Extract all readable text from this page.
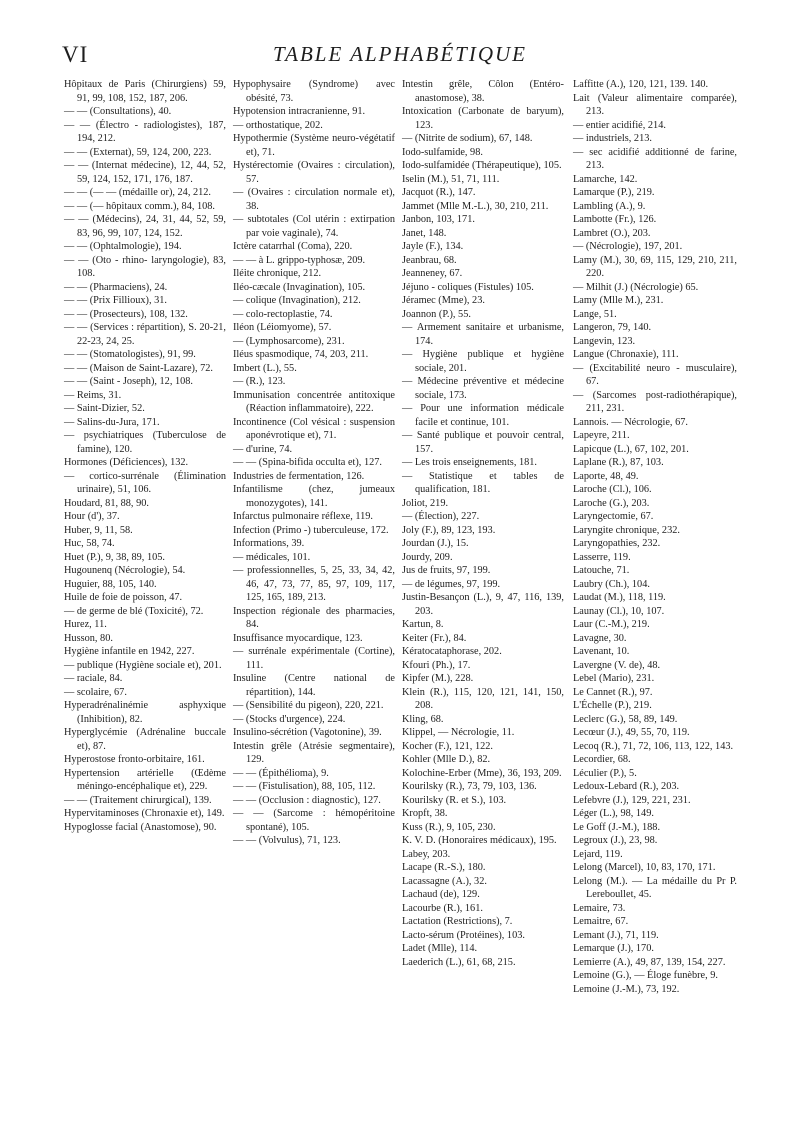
VI	TABLE ALPHABÉTIQUE

Hôpitaux de Paris (Chirurgiens) 59, 91, 99, 108, 152, 187, 206.

— — (Consultations), 40.

— — (Électro - radiologistes), 187, 194, 212.

— — (Externat), 59, 124, 200, 223.

— — (Internat médecine), 12, 44, 52, 59, 124, 152, 171, 176, 187.

— — (— — (médaille or), 24, 212.

— — (— hôpitaux comm.), 84, 108.

— — (Médecins), 24, 31, 44, 52, 59, 83, 96, 99, 107, 124, 152.

— — (Ophtalmologie), 194.

— — (Oto - rhino- laryngologie), 83, 108.

— — (Pharmaciens), 24.

— — (Prix Fillioux), 31.

— — (Prosecteurs), 108, 132.

— — (Services : répartition), S. 20-21, 22-23, 24, 25.

— — (Stomatologistes), 91, 99.

— — (Maison de Saint-Lazare), 72.

— — (Saint - Joseph), 12, 108.

— Reims, 31.

— Saint-Dizier, 52.

— Salins-du-Jura, 171.

— psychiatriques (Tuberculose de famine), 120.

Hormones (Déficiences), 132.

— cortico-surrénale (Élimination urinaire), 51, 106.

Houdard, 81, 88, 90.

Hour (d'), 37.

Huber, 9, 11, 58.

Huc, 58, 74.

Huet (P.), 9, 38, 89, 105.

Hugounenq (Nécrologie), 54.

Huguier, 88, 105, 140.

Huile de foie de poisson, 47.

— de germe de blé (Toxicité), 72.

Hurez, 11.

Husson, 80.

Hygiène infantile en 1942, 227.

— publique (Hygiène sociale et), 201.

— raciale, 84.

— scolaire, 67.

Hyperadrénalinémie asphyxique (Inhibition), 82.

Hyperglycémie (Adrénaline buccale et), 87.

Hyperostose fronto-orbitaire, 161.

Hypertension artérielle (Œdème méningo-encéphalique et), 229.

— — (Traitement chirurgical), 139.

Hypervitaminoses (Chronaxie et), 149.

Hypoglosse facial (Anastomose), 90.

Hypophysaire (Syndrome) avec obésité, 73.

Hypotension intracranienne, 91.

— orthostatique, 202.

Hypothermie (Système neuro-végétatif et), 71.

Hystérectomie (Ovaires : circulation), 57.

— (Ovaires : circulation normale et), 38.

— subtotales (Col utérin : extirpation par voie vaginale), 74.

Ictère catarrhal (Coma), 220.

— — à L. grippo-typhosæ, 209.

Iléite chronique, 212.

Iléo-cæcale (Invagination), 105.

— colique (Invagination), 212.

— colo-rectoplastie, 74.

Iléon (Léiomyome), 57.

— (Lymphosarcome), 231.

Iléus spasmodique, 74, 203, 211.

Imbert (L.), 55.

— (R.), 123.

Immunisation concentrée antitoxique (Réaction inflammatoire), 222.

Incontinence (Col vésical : suspension aponévrotique et), 71.

— d'urine, 74.

— — (Spina-bifida occulta et), 127.

Industries de fermentation, 126.

Infantilisme (chez, jumeaux monozygotes), 141.

Infarctus pulmonaire réflexe, 119.

Infection (Primo -) tuberculeuse, 172.

Informations, 39.

— médicales, 101.

— professionnelles, 5, 25, 33, 34, 42, 46, 47, 73, 77, 85, 97, 109, 117, 125, 165, 189, 213.

Inspection régionale des pharmacies, 84.

Insuffisance myocardique, 123.

— surrénale expérimentale (Cortine), 111.

Insuline (Centre national de répartition), 144.

— (Sensibilité du pigeon), 220, 221.

— (Stocks d'urgence), 224.

Insulino-sécrétion (Vagotonine), 39.

Intestin grêle (Atrésie segmentaire), 129.

— — (Épithélioma), 9.

— — (Fistulisation), 88, 105, 112.

— — (Occlusion : diagnostic), 127.

— — (Sarcome : hémopéritoine spontané), 105.

— — (Volvulus), 71, 123.

Intestin grêle, Côlon (Entéro-anastomose), 38.

Intoxication (Carbonate de baryum), 123.

— (Nitrite de sodium), 67, 148.

Iodo-sulfamide, 98.

Iodo-sulfamidée (Thérapeutique), 105.

Iselin (M.), 51, 71, 111.

Jacquot (R.), 147.

Jammet (Mlle M.-L.), 30, 210, 211.

Janbon, 103, 171.

Janet, 148.

Jayle (F.), 134.

Jeanbrau, 68.

Jeanneney, 67.

Jéjuno - coliques (Fistules) 105.

Jéramec (Mme), 23.

Joannon (P.), 55.

— Armement sanitaire et urbanisme, 174.

— Hygiène publique et hygiène sociale, 201.

— Médecine préventive et médecine sociale, 173.

— Pour une information médicale facile et continue, 101.

— Santé publique et pouvoir central, 157.

— Les trois enseignements, 181.

— Statistique et tables de qualification, 181.

Joliot, 219.

— (Élection), 227.

Joly (F.), 89, 123, 193.

Jourdan (J.), 15.

Jourdy, 209.

Jus de fruits, 97, 199.

— de légumes, 97, 199.

Justin-Besançon (L.), 9, 47, 116, 139, 203.

Kartun, 8.

Keiter (Fr.), 84.

Kératocataphorase, 202.

Kfouri (Ph.), 17.

Kipfer (M.), 228.

Klein (R.), 115, 120, 121, 141, 150, 208.

Kling, 68.

Klippel, — Nécrologie, 11.

Kocher (F.), 121, 122.

Kohler (Mlle D.), 82.

Kolochine-Erber (Mme), 36, 193, 209.

Kourilsky (R.), 73, 79, 103, 136.

Kourilsky (R. et S.), 103.

Kropft, 38.

Kuss (R.), 9, 105, 230.

K. V. D. (Honoraires médicaux), 195.

Labey, 203.

Lacape (R.-S.), 180.

Lacassagne (A.), 32.

Lachaud (de), 129.

Lacourbe (R.), 161.

Lactation (Restrictions), 7.

Lacto-sérum (Protéines), 103.

Ladet (Mlle), 114.

Laederich (L.), 61, 68, 215.

Laffitte (A.), 120, 121, 139. 140.

Lait (Valeur alimentaire comparée), 213.

— entier acidifié, 214.

— industriels, 213.

— sec acidifié additionné de farine, 213.

Lamarche, 142.

Lamarque (P.), 219.

Lambling (A.), 9.

Lambotte (Fr.), 126.

Lambret (O.), 203.

— (Nécrologie), 197, 201.

Lamy (M.), 30, 69, 115, 129, 210, 211, 220.

— Milhit (J.) (Nécrologie) 65.

Lamy (Mlle M.), 231.

Lange, 51.

Langeron, 79, 140.

Langevin, 123.

Langue (Chronaxie), 111.

— (Excitabilité neuro - musculaire), 67.

— (Sarcomes post-radiothérapique), 211, 231.

Lannois. — Nécrologie, 67.

Lapeyre, 211.

Lapicque (L.), 67, 102, 201.

Laplane (R.), 87, 103.

Laporte, 48, 49.

Laroche (Cl.), 106.

Laroche (G.), 203.

Laryngectomie, 67.

Laryngite chronique, 232.

Laryngopathies, 232.

Lasserre, 119.

Latouche, 71.

Laubry (Ch.), 104.

Laudat (M.), 118, 119.

Launay (Cl.), 10, 107.

Laur (C.-M.), 219.

Lavagne, 30.

Lavenant, 10.

Lavergne (V. de), 48.

Lebel (Mario), 231.

Le Cannet (R.), 97.

L'Échelle (P.), 219.

Leclerc (G.), 58, 89, 149.

Lecœur (J.), 49, 55, 70, 119.

Lecoq (R.), 71, 72, 106, 113, 122, 143.

Lecordier, 68.

Léculier (P.), 5.

Ledoux-Lebard (R.), 203.

Lefebvre (J.), 129, 221, 231.

Léger (L.), 98, 149.

Le Goff (J.-M.), 188.

Legroux (J.), 23, 98.

Lejard, 119.

Lelong (Marcel), 10, 83, 170, 171.

Lelong (M.). — La médaille du Pr P. Lereboullet, 45.

Lemaire, 73.

Lemaitre, 67.

Lemant (J.), 71, 119.

Lemarque (J.), 170.

Lemierre (A.), 49, 87, 139, 154, 227.

Lemoine (G.), — Éloge funèbre, 9.

Lemoine (J.-M.), 73, 192.
